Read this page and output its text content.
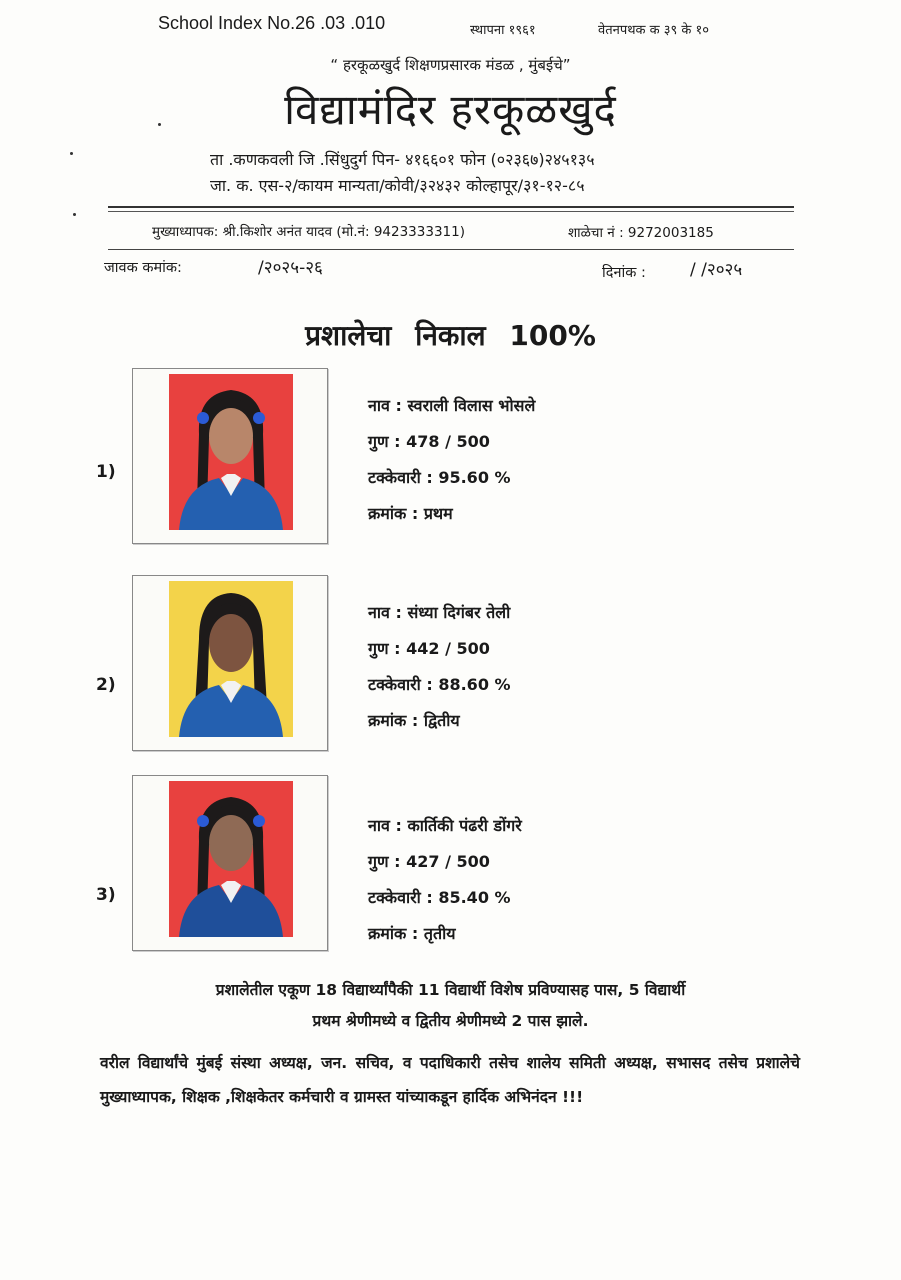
School Index No.26 .03 .010	स्थापना १९६१	वेतनपथक क ३९ के १०
“ हरकूळखुर्द शिक्षणप्रसारक मंडळ , मुंबईचे”
विद्यामंदिर हरकूळखुर्द
ता .कणकवली जि .सिंधुदुर्ग पिन- ४१६६०१ फोन (०२३६७)२४५१३५
जा. क. एस-२/कायम मान्यता/कोवी/३२४३२ कोल्हापूर/३१-१२-८५
मुख्याध्यापक: श्री.किशोर अनंत यादव (मो.नं: 9423333311)	शाळेचा नं : 9272003185
जावक कमांक:	/२०२५-२६	दिनांक :	/ /२०२५
प्रशालेचा निकाल 100%
1)
नाव : स्वराली विलास भोसले
गुण : 478 / 500
टक्केवारी : 95.60 %
क्रमांक : प्रथम
2)
नाव : संध्या दिगंबर तेली
गुण : 442 / 500
टक्केवारी : 88.60 %
क्रमांक : द्वितीय
3)
नाव : कार्तिकी पंढरी डोंगरे
गुण : 427 / 500
टक्केवारी : 85.40 %
क्रमांक : तृतीय
प्रशालेतील एकूण 18 विद्यार्थ्यांपैकी 11 विद्यार्थी विशेष प्रविण्यासह पास, 5 विद्यार्थी
प्रथम श्रेणीमध्ये व द्वितीय श्रेणीमध्ये 2 पास झाले.
वरील विद्यार्थांचे मुंबई संस्था अध्यक्ष, जन. सचिव, व पदाधिकारी तसेच शालेय समिती अध्यक्ष, सभासद तसेच प्रशालेचे मुख्याध्यापक, शिक्षक ,शिक्षकेतर कर्मचारी व ग्रामस्त यांच्याकडून हार्दिक अभिनंदन !!!
